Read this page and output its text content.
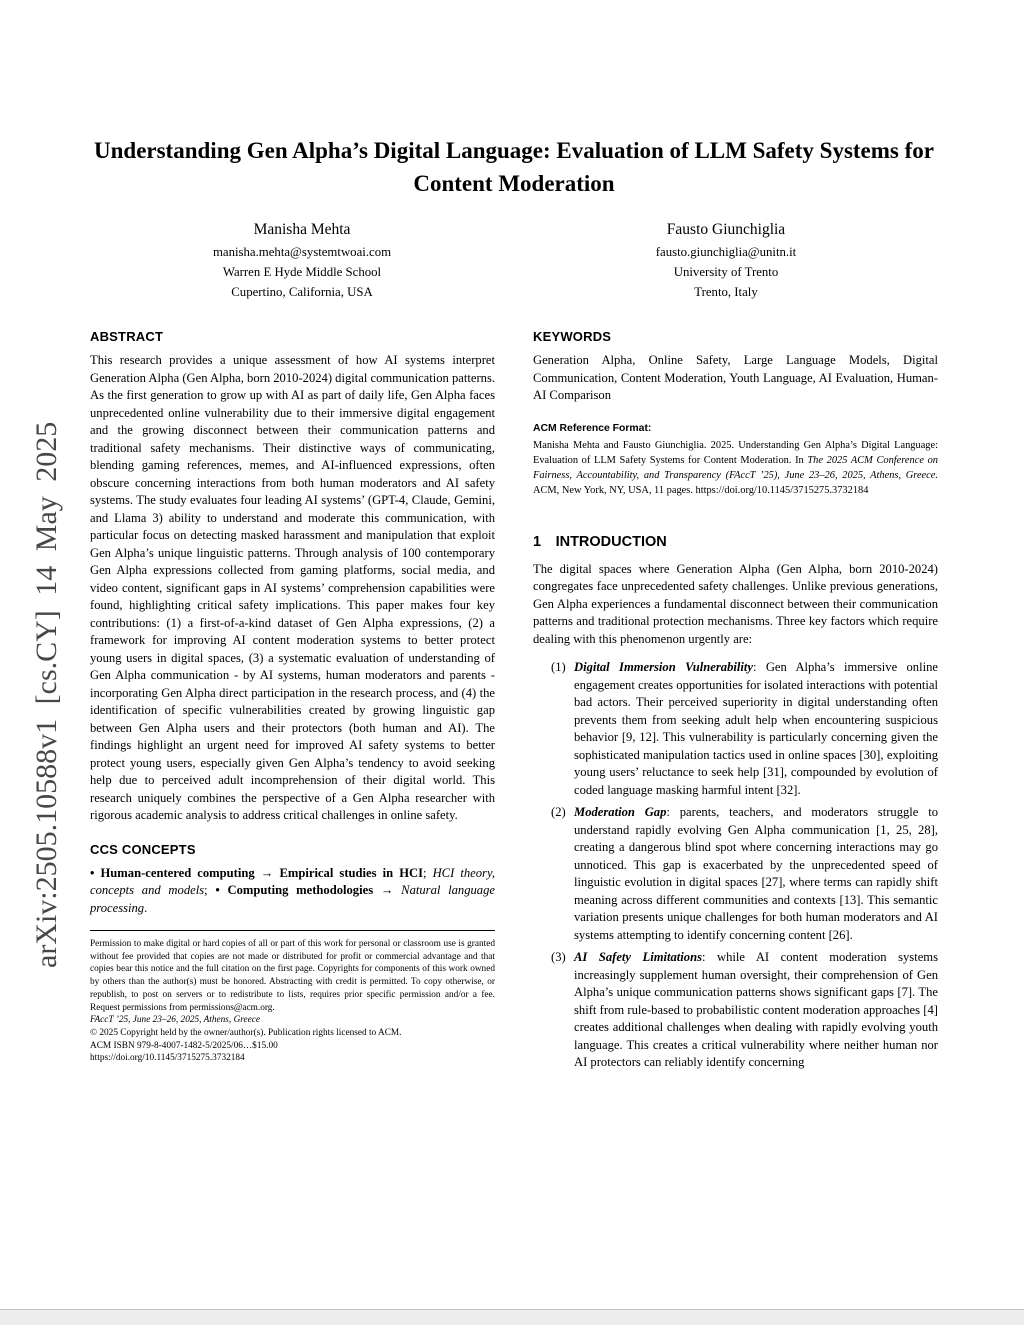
arXiv:2505.10588v1 [cs.CY] 14 May 2025
Understanding Gen Alpha’s Digital Language: Evaluation of LLM Safety Systems for Content Moderation
Manisha Mehta
manisha.mehta@systemtwoai.com
Warren E Hyde Middle School
Cupertino, California, USA
Fausto Giunchiglia
fausto.giunchiglia@unitn.it
University of Trento
Trento, Italy
ABSTRACT

This research provides a unique assessment of how AI systems interpret Generation Alpha (Gen Alpha, born 2010-2024) digital communication patterns. As the first generation to grow up with AI as part of daily life, Gen Alpha faces unprecedented online vulnerability due to their immersive digital engagement and the growing disconnect between their communication patterns and traditional safety mechanisms. Their distinctive ways of communicating, blending gaming references, memes, and AI-influenced expressions, often obscure concerning interactions from both human moderators and AI safety systems. The study evaluates four leading AI systems’ (GPT-4, Claude, Gemini, and Llama 3) ability to understand and moderate this communication, with particular focus on detecting masked harassment and manipulation that exploit Gen Alpha’s unique linguistic patterns. Through analysis of 100 contemporary Gen Alpha expressions collected from gaming platforms, social media, and video content, significant gaps in AI systems’ comprehension capabilities were found, highlighting critical safety implications. This paper makes four key contributions: (1) a first-of-a-kind dataset of Gen Alpha expressions, (2) a framework for improving AI content moderation systems to better protect young users in digital spaces, (3) a systematic evaluation of understanding of Gen Alpha communication - by AI systems, human moderators and parents - incorporating Gen Alpha direct participation in the research process, and (4) the identification of specific vulnerabilities created by growing linguistic gap between Gen Alpha users and their protectors (both human and AI). The findings highlight an urgent need for improved AI safety systems to better protect young users, especially given Gen Alpha’s tendency to avoid seeking help due to perceived adult incomprehension of their digital world. This research uniquely combines the perspective of a Gen Alpha researcher with rigorous academic analysis to address critical challenges in online safety.

CCS CONCEPTS

• Human-centered computing → Empirical studies in HCI; HCI theory, concepts and models; • Computing methodologies → Natural language processing.

Permission to make digital or hard copies of all or part of this work for personal or classroom use is granted without fee provided that copies are not made or distributed for profit or commercial advantage and that copies bear this notice and the full citation on the first page. Copyrights for components of this work owned by others than the author(s) must be honored. Abstracting with credit is permitted. To copy otherwise, or republish, to post on servers or to redistribute to lists, requires prior specific permission and/or a fee. Request permissions from permissions@acm.org.

FAccT ’25, June 23–26, 2025, Athens, Greece

© 2025 Copyright held by the owner/author(s). Publication rights licensed to ACM.

ACM ISBN 979-8-4007-1482-5/2025/06…$15.00

https://doi.org/10.1145/3715275.3732184

KEYWORDS

Generation Alpha, Online Safety, Large Language Models, Digital Communication, Content Moderation, Youth Language, AI Evaluation, Human-AI Comparison

ACM Reference Format:

Manisha Mehta and Fausto Giunchiglia. 2025. Understanding Gen Alpha’s Digital Language: Evaluation of LLM Safety Systems for Content Moderation. In The 2025 ACM Conference on Fairness, Accountability, and Transparency (FAccT ’25), June 23–26, 2025, Athens, Greece. ACM, New York, NY, USA, 11 pages. https://doi.org/10.1145/3715275.3732184

1 INTRODUCTION

The digital spaces where Generation Alpha (Gen Alpha, born 2010-2024) congregates face unprecedented safety challenges. Unlike previous generations, Gen Alpha experiences a fundamental disconnect between their communication patterns and traditional protection mechanisms. Three key factors which require dealing with this phenomenon urgently are:

(1) Digital Immersion Vulnerability: Gen Alpha’s immersive online engagement creates opportunities for isolated interactions with potential bad actors. Their perceived superiority in digital understanding often prevents them from seeking adult help when encountering suspicious behavior [9, 12]. This vulnerability is particularly concerning given the sophisticated manipulation tactics used in online spaces [30], exploiting young users’ reluctance to seek help [31], compounded by evolution of coded language masking harmful intent [32].

(2) Moderation Gap: parents, teachers, and moderators struggle to understand rapidly evolving Gen Alpha communication [1, 25, 28], creating a dangerous blind spot where concerning interactions may go unnoticed. This gap is exacerbated by the unprecedented speed of linguistic evolution in digital spaces [27], where terms can rapidly shift meaning across different communities and contexts [13]. This semantic variation presents unique challenges for both human moderators and AI systems attempting to identify concerning content [26].

(3) AI Safety Limitations: while AI content moderation systems increasingly supplement human oversight, their comprehension of Gen Alpha’s unique communication patterns shows significant gaps [7]. The shift from rule-based to probabilistic content moderation approaches [4] creates additional challenges when dealing with rapidly evolving youth language. This creates a critical vulnerability where neither human nor AI protectors can reliably identify concerning
